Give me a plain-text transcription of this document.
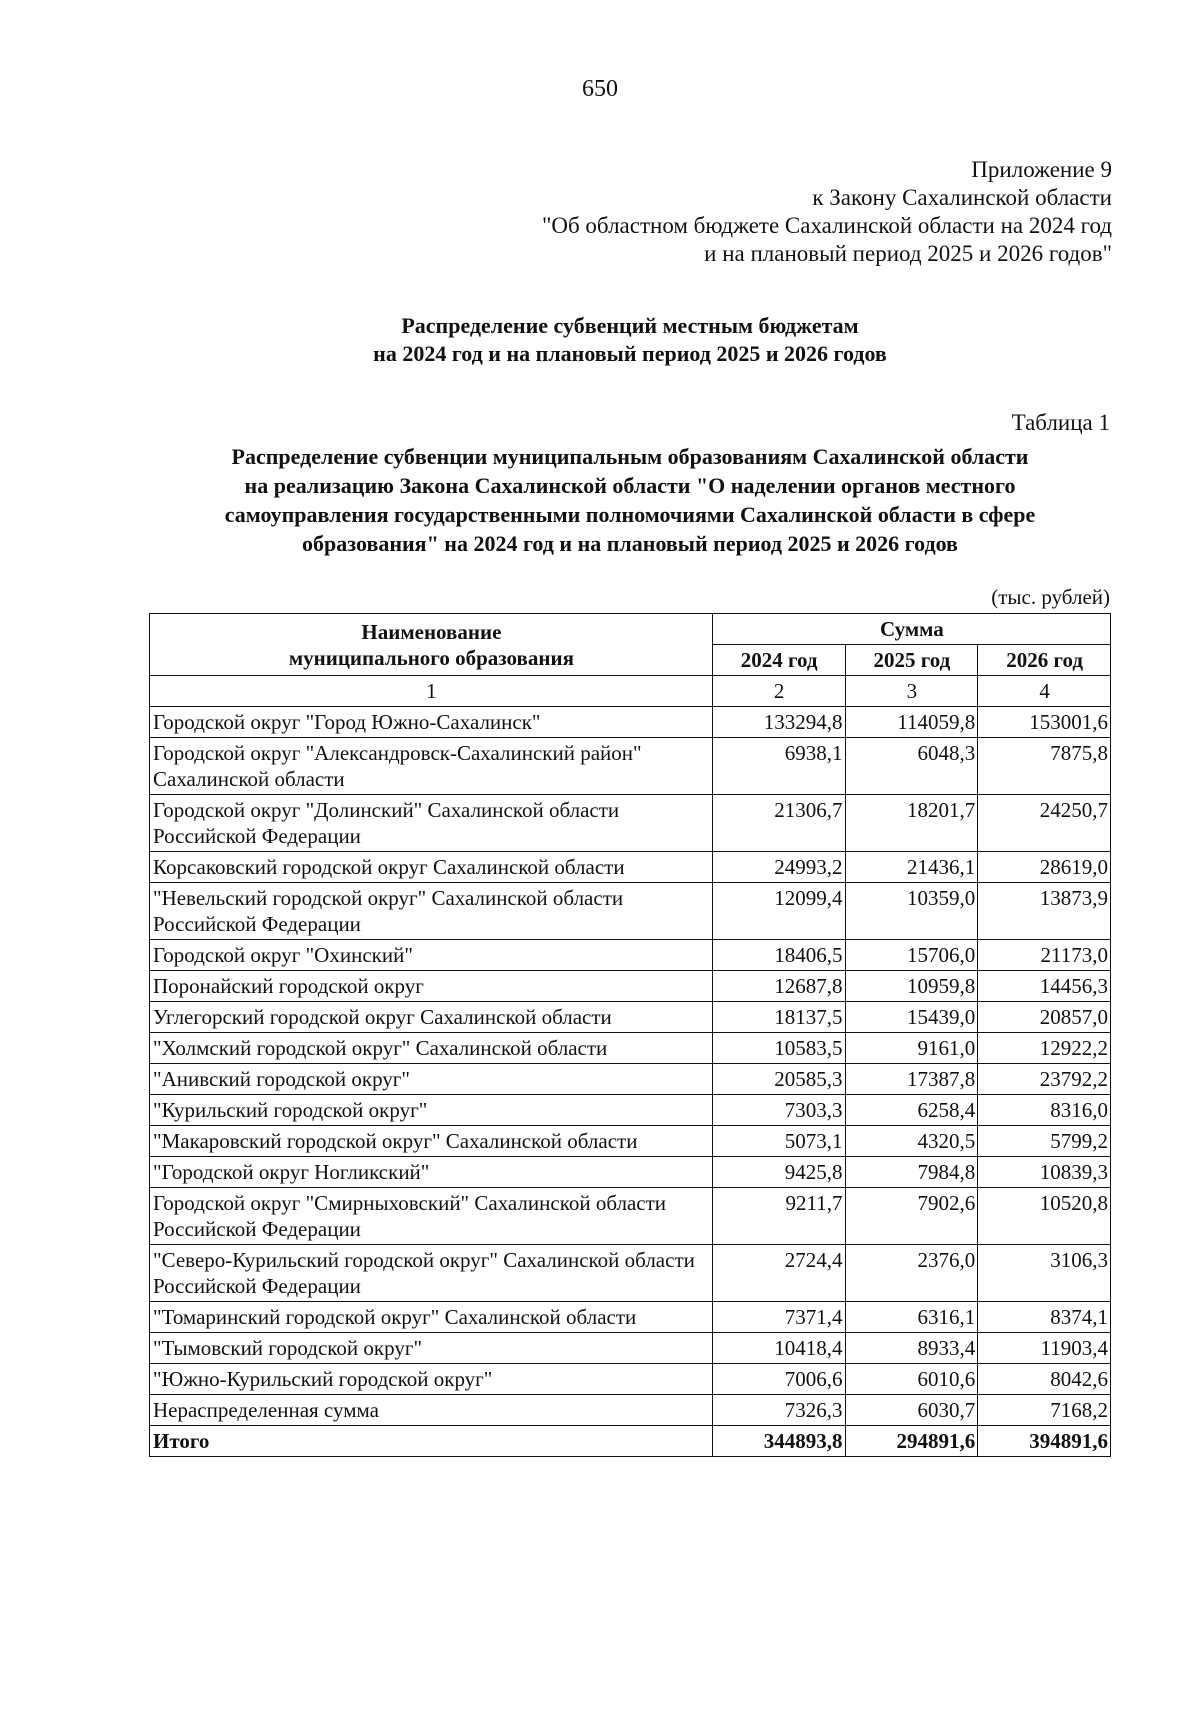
650
Приложение 9
к Закону Сахалинской области
"Об областном бюджете Сахалинской области на 2024 год
и на плановый период 2025 и 2026 годов"
Распределение субвенций местным бюджетам
на 2024 год и на плановый период 2025 и 2026 годов
Таблица 1
Распределение субвенции муниципальным образованиям Сахалинской области
на реализацию Закона Сахалинской области "О наделении органов местного
самоуправления государственными полномочиями Сахалинской области в сфере
образования" на 2024 год и на плановый период 2025 и 2026 годов
(тыс. рублей)
Наименование
муниципального образования	Сумма		
	2024 год	2025 год	2026 год
1	2	3	4
Городской округ "Город Южно-Сахалинск"	133294,8	114059,8	153001,6
Городской округ "Александровск-Сахалинский район" Сахалинской области	6938,1	6048,3	7875,8
Городской округ "Долинский" Сахалинской области Российской Федерации	21306,7	18201,7	24250,7
Корсаковский городской округ Сахалинской области	24993,2	21436,1	28619,0
"Невельский городской округ" Сахалинской области Российской Федерации	12099,4	10359,0	13873,9
Городской округ "Охинский"	18406,5	15706,0	21173,0
Поронайский городской округ	12687,8	10959,8	14456,3
Углегорский городской округ Сахалинской области	18137,5	15439,0	20857,0
"Холмский городской округ" Сахалинской области	10583,5	9161,0	12922,2
"Анивский городской округ"	20585,3	17387,8	23792,2
"Курильский городской округ"	7303,3	6258,4	8316,0
"Макаровский городской округ" Сахалинской области	5073,1	4320,5	5799,2
"Городской округ Ногликский"	9425,8	7984,8	10839,3
Городской округ "Смирныховский" Сахалинской области Российской Федерации	9211,7	7902,6	10520,8
"Северо-Курильский городской округ" Сахалинской области Российской Федерации	2724,4	2376,0	3106,3
"Томаринский городской округ" Сахалинской области	7371,4	6316,1	8374,1
"Тымовский городской округ"	10418,4	8933,4	11903,4
"Южно-Курильский городской округ"	7006,6	6010,6	8042,6
Нераспределенная сумма	7326,3	6030,7	7168,2
Итого	344893,8	294891,6	394891,6
